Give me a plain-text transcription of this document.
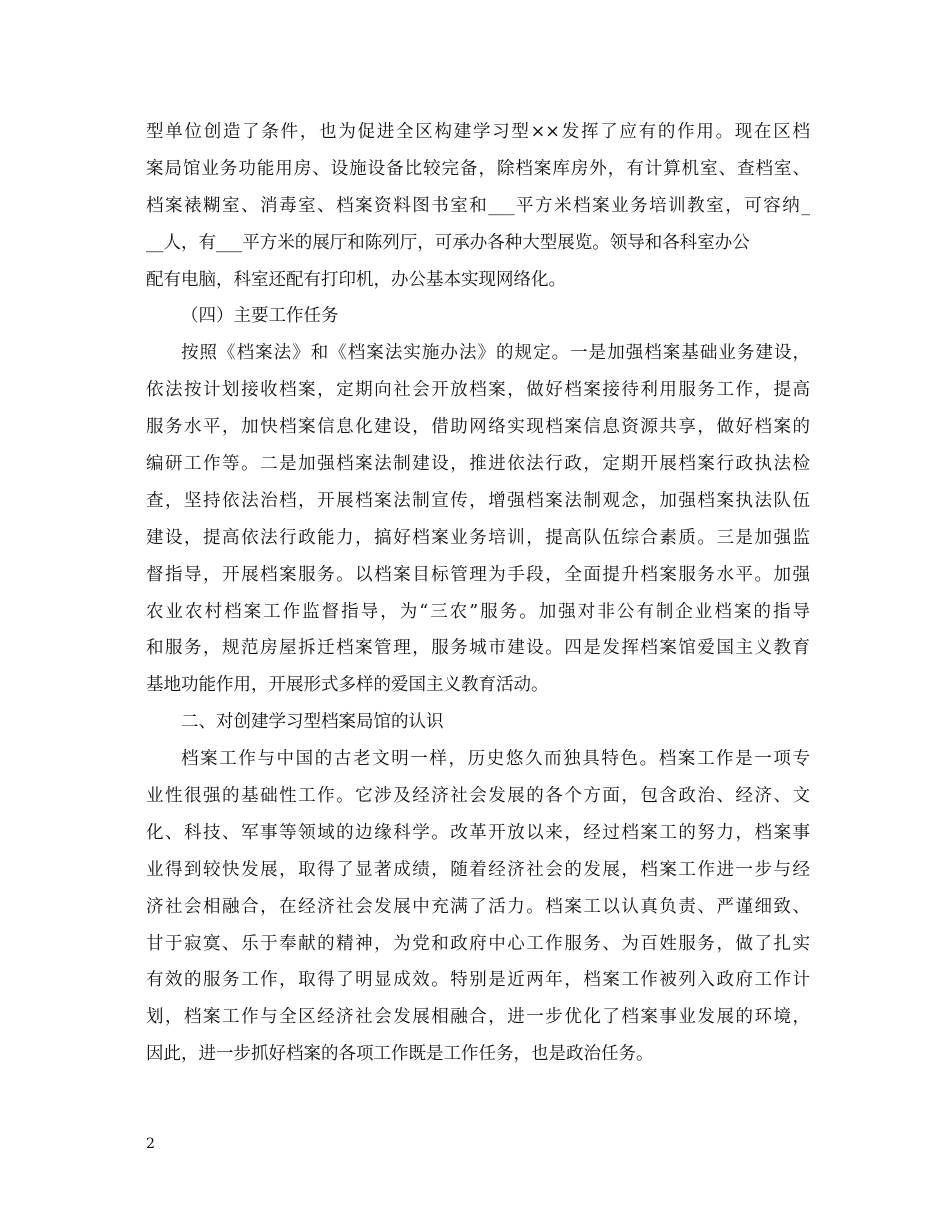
型单位创造了条件，也为促进全区构建学习型××发挥了应有的作用。现在区档
案局馆业务功能用房、设施设备比较完备，除档案库房外，有计算机室、查档室、
档案裱糊室、消毒室、档案资料图书室和___平方米档案业务培训教室，可容纳_
__人，有___平方米的展厅和陈列厅，可承办各种大型展览。领导和各科室办公
配有电脑，科室还配有打印机，办公基本实现网络化。
（四）主要工作任务
按照《档案法》和《档案法实施办法》的规定。一是加强档案基础业务建设，
依法按计划接收档案，定期向社会开放档案，做好档案接待利用服务工作，提高
服务水平，加快档案信息化建设，借助网络实现档案信息资源共享，做好档案的
编研工作等。二是加强档案法制建设，推进依法行政，定期开展档案行政执法检
查，坚持依法治档，开展档案法制宣传，增强档案法制观念，加强档案执法队伍
建设，提高依法行政能力，搞好档案业务培训，提高队伍综合素质。三是加强监
督指导，开展档案服务。以档案目标管理为手段，全面提升档案服务水平。加强
农业农村档案工作监督指导，为“三农”服务。加强对非公有制企业档案的指导
和服务，规范房屋拆迁档案管理，服务城市建设。四是发挥档案馆爱国主义教育
基地功能作用，开展形式多样的爱国主义教育活动。
二、对创建学习型档案局馆的认识
档案工作与中国的古老文明一样，历史悠久而独具特色。档案工作是一项专
业性很强的基础性工作。它涉及经济社会发展的各个方面，包含政治、经济、文
化、科技、军事等领域的边缘科学。改革开放以来，经过档案工的努力，档案事
业得到较快发展，取得了显著成绩，随着经济社会的发展，档案工作进一步与经
济社会相融合，在经济社会发展中充满了活力。档案工以认真负责、严谨细致、
甘于寂寞、乐于奉献的精神，为党和政府中心工作服务、为百姓服务，做了扎实
有效的服务工作，取得了明显成效。特别是近两年，档案工作被列入政府工作计
划，档案工作与全区经济社会发展相融合，进一步优化了档案事业发展的环境，
因此，进一步抓好档案的各项工作既是工作任务，也是政治任务。
2
